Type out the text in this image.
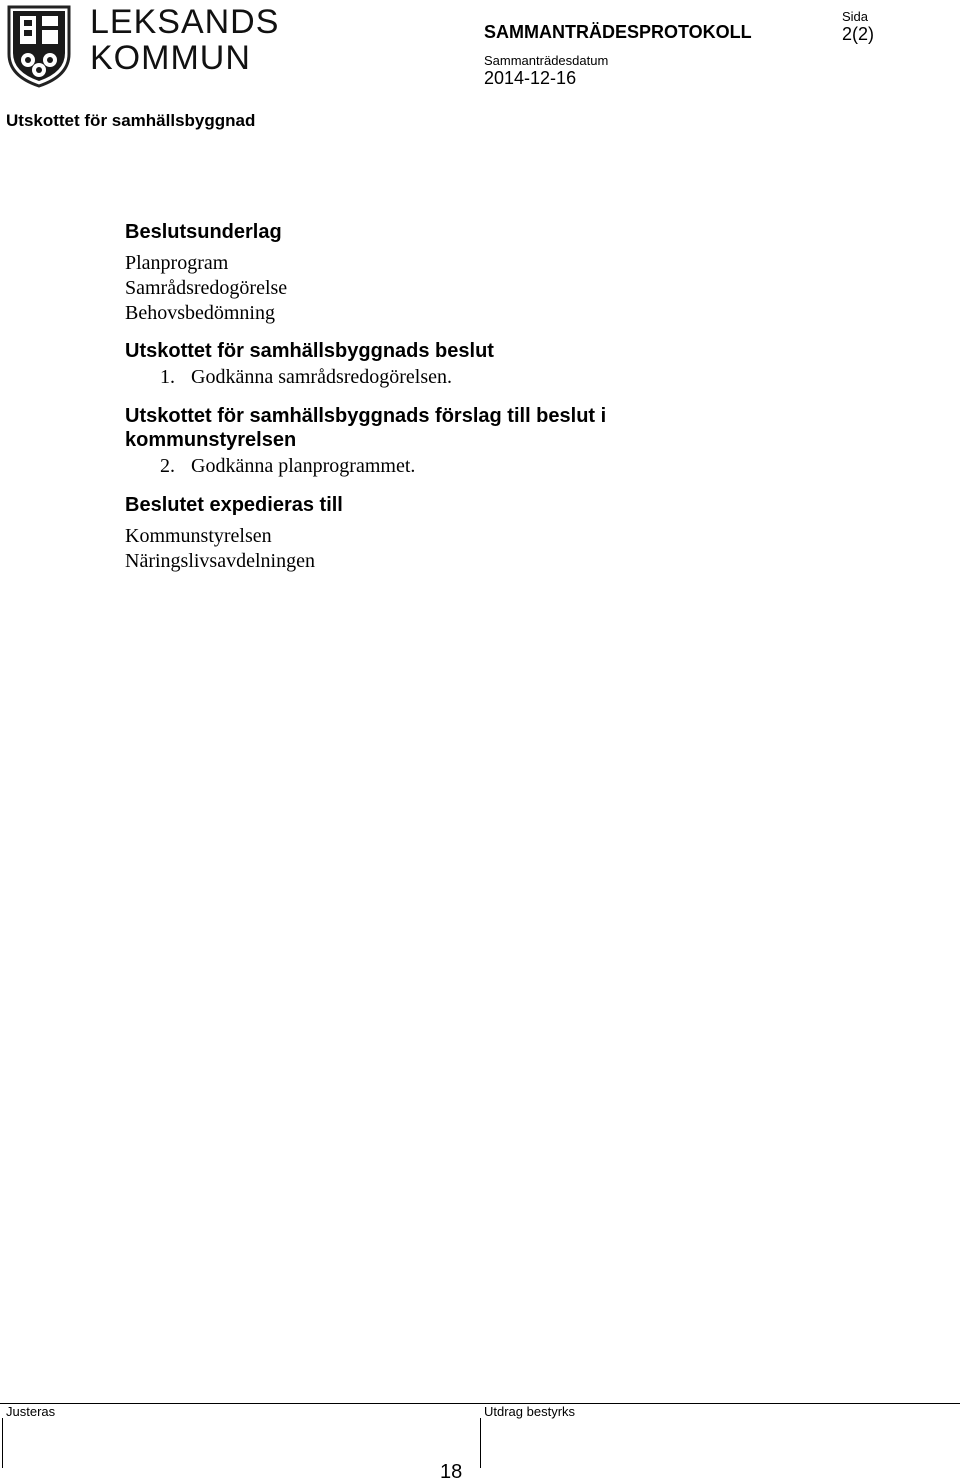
LEKSANDS
KOMMUN
SAMMANTRÄDESPROTOKOLL
Sammanträdesdatum
2014-12-16
Sida
2(2)
Utskottet för samhällsbyggnad

Beslutsunderlag

Planprogram

Samrådsredogörelse

Behovsbedömning

Utskottet för samhällsbyggnads beslut

1. Godkänna samrådsredogörelsen.

Utskottet för samhällsbyggnads förslag till beslut i

kommunstyrelsen

2. Godkänna planprogrammet.

Beslutet expedieras till

Kommunstyrelsen

Näringslivsavdelningen

Justeras	Utdrag bestyrks
18
